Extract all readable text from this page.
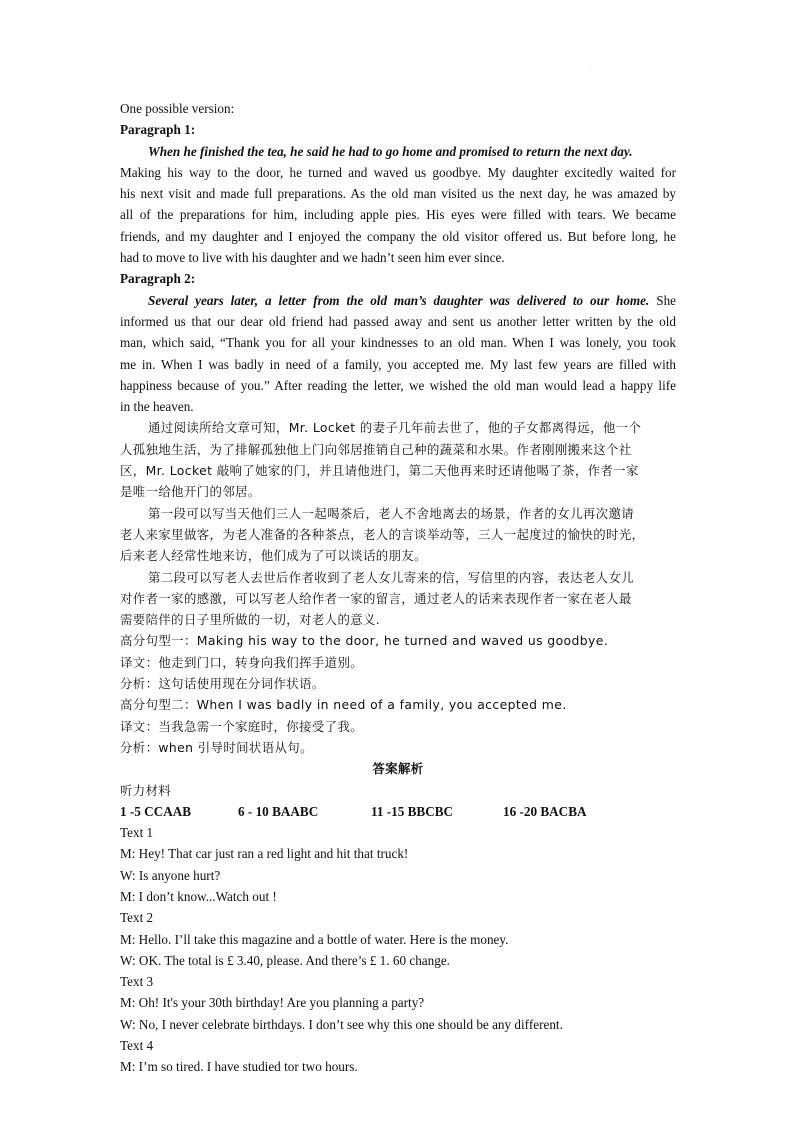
·
One possible version:
Paragraph 1:
When he finished the tea, he said he had to go home and promised to return the next day.
Making his way to the door, he turned and waved us goodbye. My daughter excitedly waited for
his next visit and made full preparations. As the old man visited us the next day, he was amazed by
all of the preparations for him, including apple pies. His eyes were filled with tears. We became
friends, and my daughter and I enjoyed the company the old visitor offered us. But before long, he
had to move to live with his daughter and we hadn’t seen him ever since.
Paragraph 2:
Several years later, a letter from the old man’s daughter was delivered to our home. She
informed us that our dear old friend had passed away and sent us another letter written by the old
man, which said, “Thank you for all your kindnesses to an old man. When I was lonely, you took
me in. When I was badly in need of a family, you accepted me. My last few years are filled with
happiness because of you.” After reading the letter, we wished the old man would lead a happy life
in the heaven.
通过阅读所给文章可知，Mr. Locket 的妻子几年前去世了，他的子女都离得远，他一个
人孤独地生活，为了排解孤独他上门向邻居推销自己种的蔬菜和水果。作者刚刚搬来这个社
区，Mr. Locket 敲响了她家的门，并且请他进门，第二天他再来时还请他喝了茶，作者一家
是唯一给他开门的邻居。
第一段可以写当天他们三人一起喝茶后，老人不舍地离去的场景，作者的女儿再次邀请
老人来家里做客，为老人准备的各种茶点，老人的言谈举动等，三人一起度过的愉快的时光，
后来老人经常性地来访，他们成为了可以谈话的朋友。
第二段可以写老人去世后作者收到了老人女儿寄来的信，写信里的内容，表达老人女儿
对作者一家的感激，可以写老人给作者一家的留言，通过老人的话来表现作者一家在老人最
需要陪伴的日子里所做的一切，对老人的意义.
高分句型一：Making his way to the door, he turned and waved us goodbye.
译文：他走到门口，转身向我们挥手道别。
分析：这句话使用现在分词作状语。
高分句型二：When I was badly in need of a family, you accepted me.
译文：当我急需一个家庭时，你接受了我。
分析：when 引导时间状语从句。
答案解析
听力材料
1 -5 CCAAB	6 - 10 BAABC	11 -15 BBCBC	16 -20 BACBA
Text 1
M: Hey! That car just ran a red light and hit that truck!
W: Is anyone hurt?
M: I don’t know...Watch out !
Text 2
M: Hello. I’ll take this magazine and a bottle of water. Here is the money.
W: OK. The total is £ 3.40, please. And there’s £ 1. 60 change.
Text 3
M: Oh! It's your 30th birthday! Are you planning a party?
W: No, I never celebrate birthdays. I don’t see why this one should be any different.
Text 4
M: I’m so tired. I have studied tor two hours.
